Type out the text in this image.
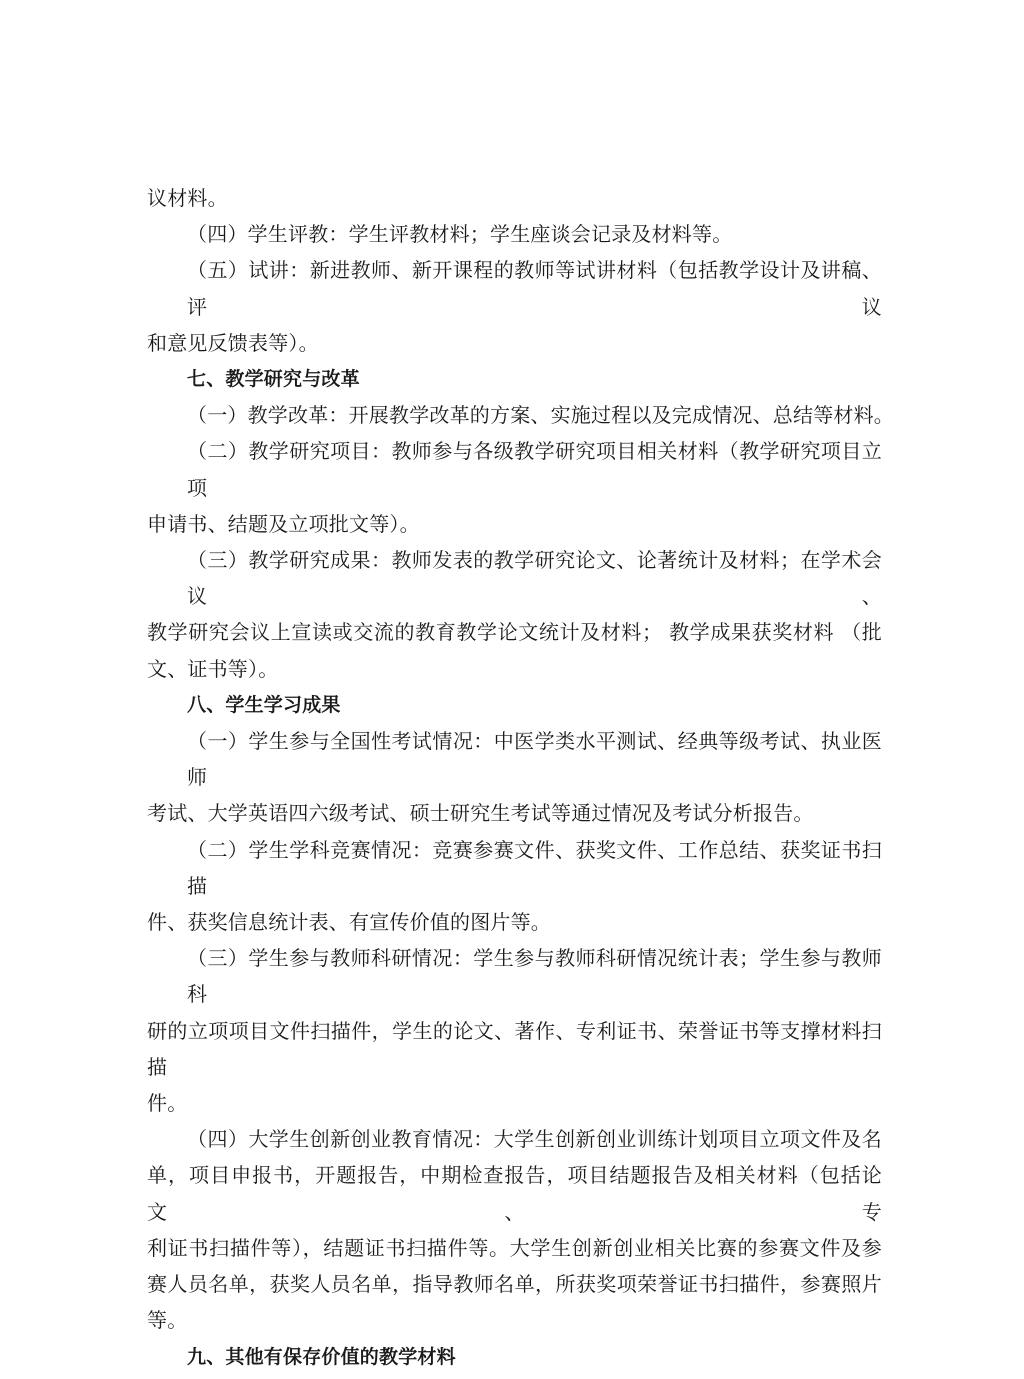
议材料。

（四）学生评教：学生评教材料；学生座谈会记录及材料等。

（五）试讲：新进教师、新开课程的教师等试讲材料（包括教学设计及讲稿、评议

和意见反馈表等）。

七、教学研究与改革

（一）教学改革：开展教学改革的方案、实施过程以及完成情况、总结等材料。

（二）教学研究项目：教师参与各级教学研究项目相关材料（教学研究项目立项

申请书、结题及立项批文等）。

（三）教学研究成果：教师发表的教学研究论文、论著统计及材料；在学术会议、

教学研究会议上宣读或交流的教育教学论文统计及材料； 教学成果获奖材料 （批

文、证书等）。

八、学生学习成果

（一）学生参与全国性考试情况：中医学类水平测试、经典等级考试、执业医师

考试、大学英语四六级考试、硕士研究生考试等通过情况及考试分析报告。

（二）学生学科竞赛情况：竞赛参赛文件、获奖文件、工作总结、获奖证书扫描

件、获奖信息统计表、有宣传价值的图片等。

（三）学生参与教师科研情况：学生参与教师科研情况统计表；学生参与教师科

研的立项项目文件扫描件，学生的论文、著作、专利证书、荣誉证书等支撑材料扫描

件。

（四）大学生创新创业教育情况：大学生创新创业训练计划项目立项文件及名

单，项目申报书，开题报告，中期检查报告，项目结题报告及相关材料（包括论文、专

利证书扫描件等），结题证书扫描件等。大学生创新创业相关比赛的参赛文件及参

赛人员名单，获奖人员名单，指导教师名单，所获奖项荣誉证书扫描件，参赛照片

等。

九、其他有保存价值的教学材料
